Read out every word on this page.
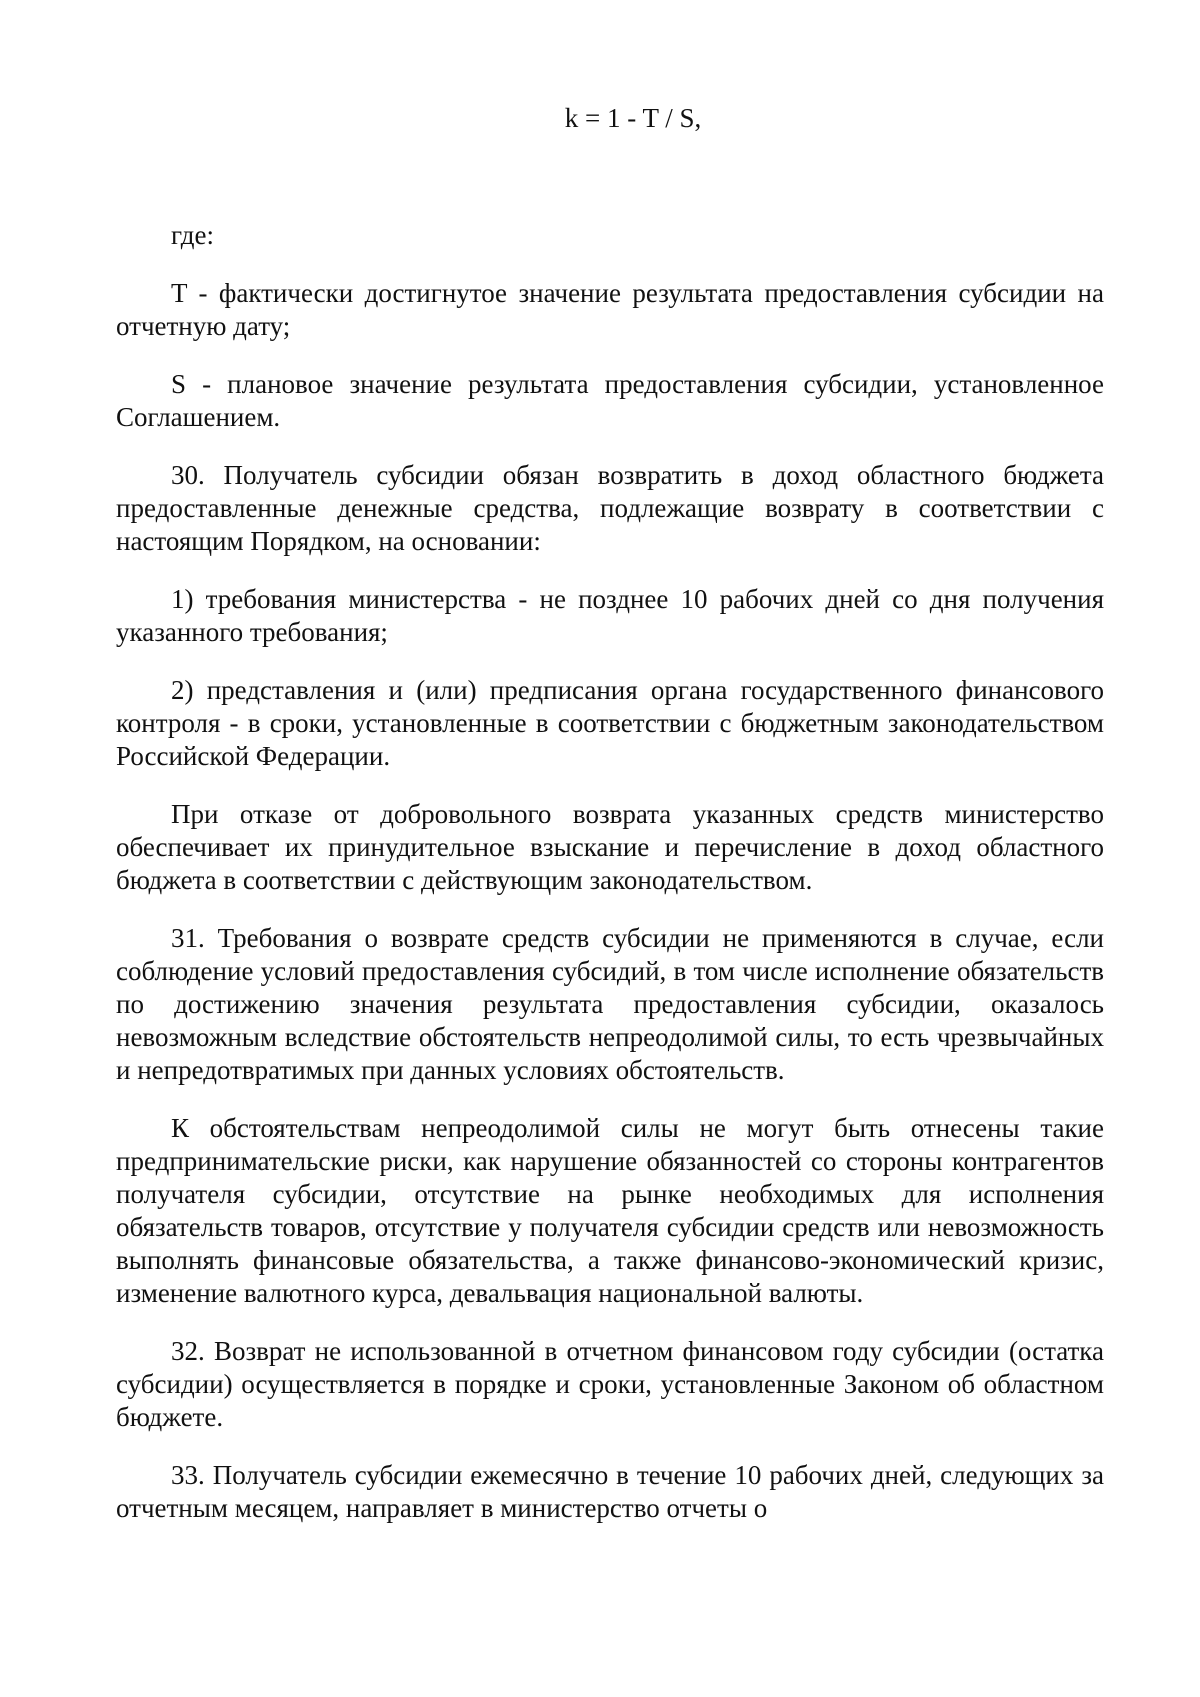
k = 1 - T / S,

где:

T - фактически достигнутое значение результата предоставления субсидии на отчетную дату;

S - плановое значение результата предоставления субсидии, установленное Соглашением.

30. Получатель субсидии обязан возвратить в доход областного бюджета предоставленные денежные средства, подлежащие возврату в соответствии с настоящим Порядком, на основании:

1) требования министерства - не позднее 10 рабочих дней со дня получения указанного требования;

2) представления и (или) предписания органа государственного финансового контроля - в сроки, установленные в соответствии с бюджетным законодательством Российской Федерации.

При отказе от добровольного возврата указанных средств министерство обеспечивает их принудительное взыскание и перечисление в доход областного бюджета в соответствии с действующим законодательством.

31. Требования о возврате средств субсидии не применяются в случае, если соблюдение условий предоставления субсидий, в том числе исполнение обязательств по достижению значения результата предоставления субсидии, оказалось невозможным вследствие обстоятельств непреодолимой силы, то есть чрезвычайных и непредотвратимых при данных условиях обстоятельств.

К обстоятельствам непреодолимой силы не могут быть отнесены такие предпринимательские риски, как нарушение обязанностей со стороны контрагентов получателя субсидии, отсутствие на рынке необходимых для исполнения обязательств товаров, отсутствие у получателя субсидии средств или невозможность выполнять финансовые обязательства, а также финансово-экономический кризис, изменение валютного курса, девальвация национальной валюты.

32. Возврат не использованной в отчетном финансовом году субсидии (остатка субсидии) осуществляется в порядке и сроки, установленные Законом об областном бюджете.

33. Получатель субсидии ежемесячно в течение 10 рабочих дней, следующих за отчетным месяцем, направляет в министерство отчеты о
